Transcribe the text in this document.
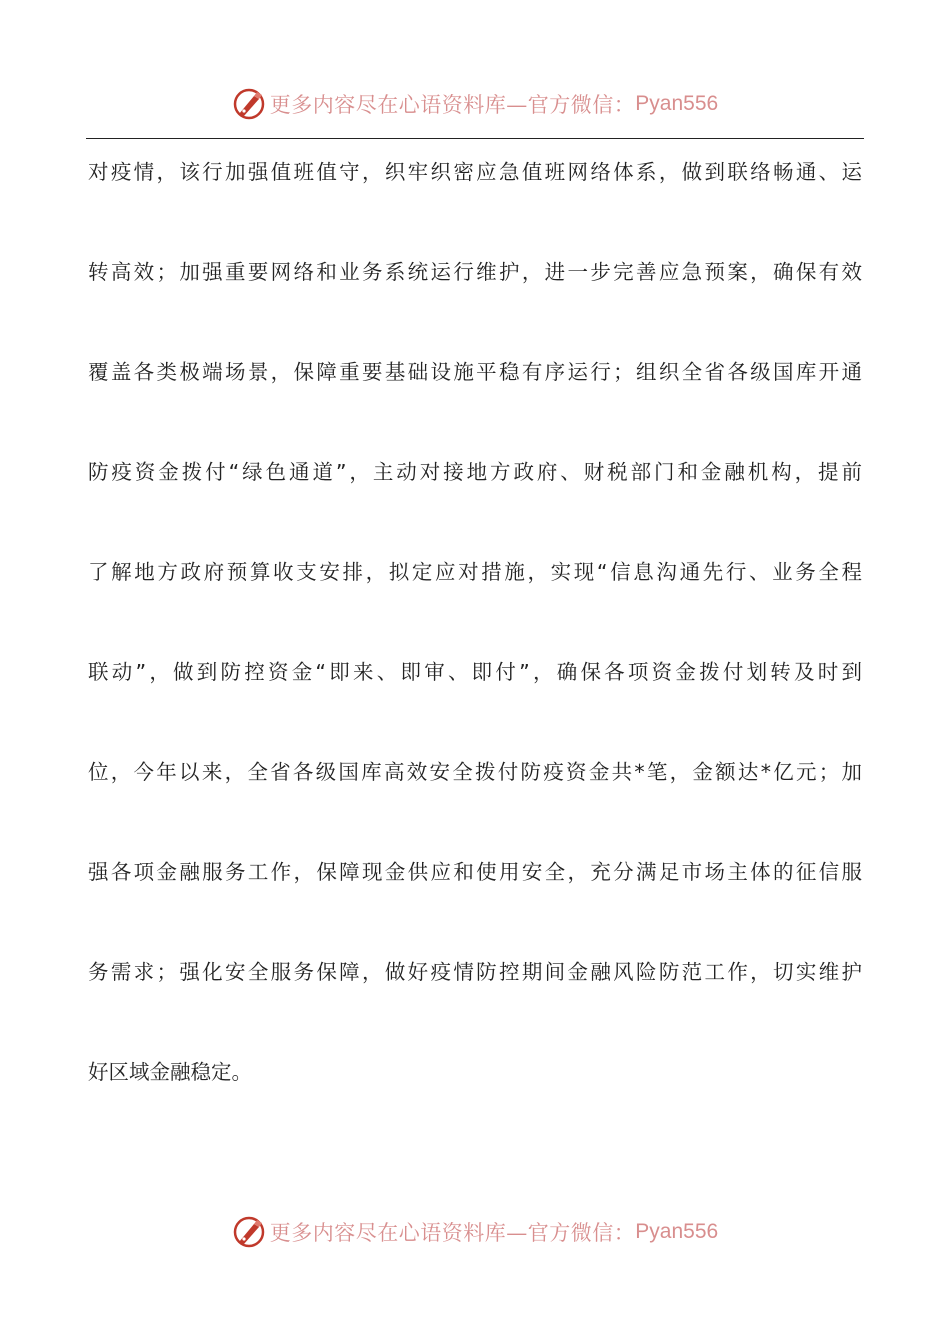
更多内容尽在心语资料库—官方微信： Pyan556
对疫情，该行加强值班值守，织牢织密应急值班网络体系，做到联络畅通、运
转高效；加强重要网络和业务系统运行维护，进一步完善应急预案，确保有效
覆盖各类极端场景，保障重要基础设施平稳有序运行；组织全省各级国库开通
防疫资金拨付“绿色通道”，主动对接地方政府、财税部门和金融机构，提前
了解地方政府预算收支安排，拟定应对措施，实现“信息沟通先行、业务全程
联动”，做到防控资金“即来、即审、即付”，确保各项资金拨付划转及时到
位，今年以来，全省各级国库高效安全拨付防疫资金共*笔，金额达*亿元；加
强各项金融服务工作，保障现金供应和使用安全，充分满足市场主体的征信服
务需求；强化安全服务保障，做好疫情防控期间金融风险防范工作，切实维护
好区域金融稳定。
更多内容尽在心语资料库—官方微信： Pyan556
